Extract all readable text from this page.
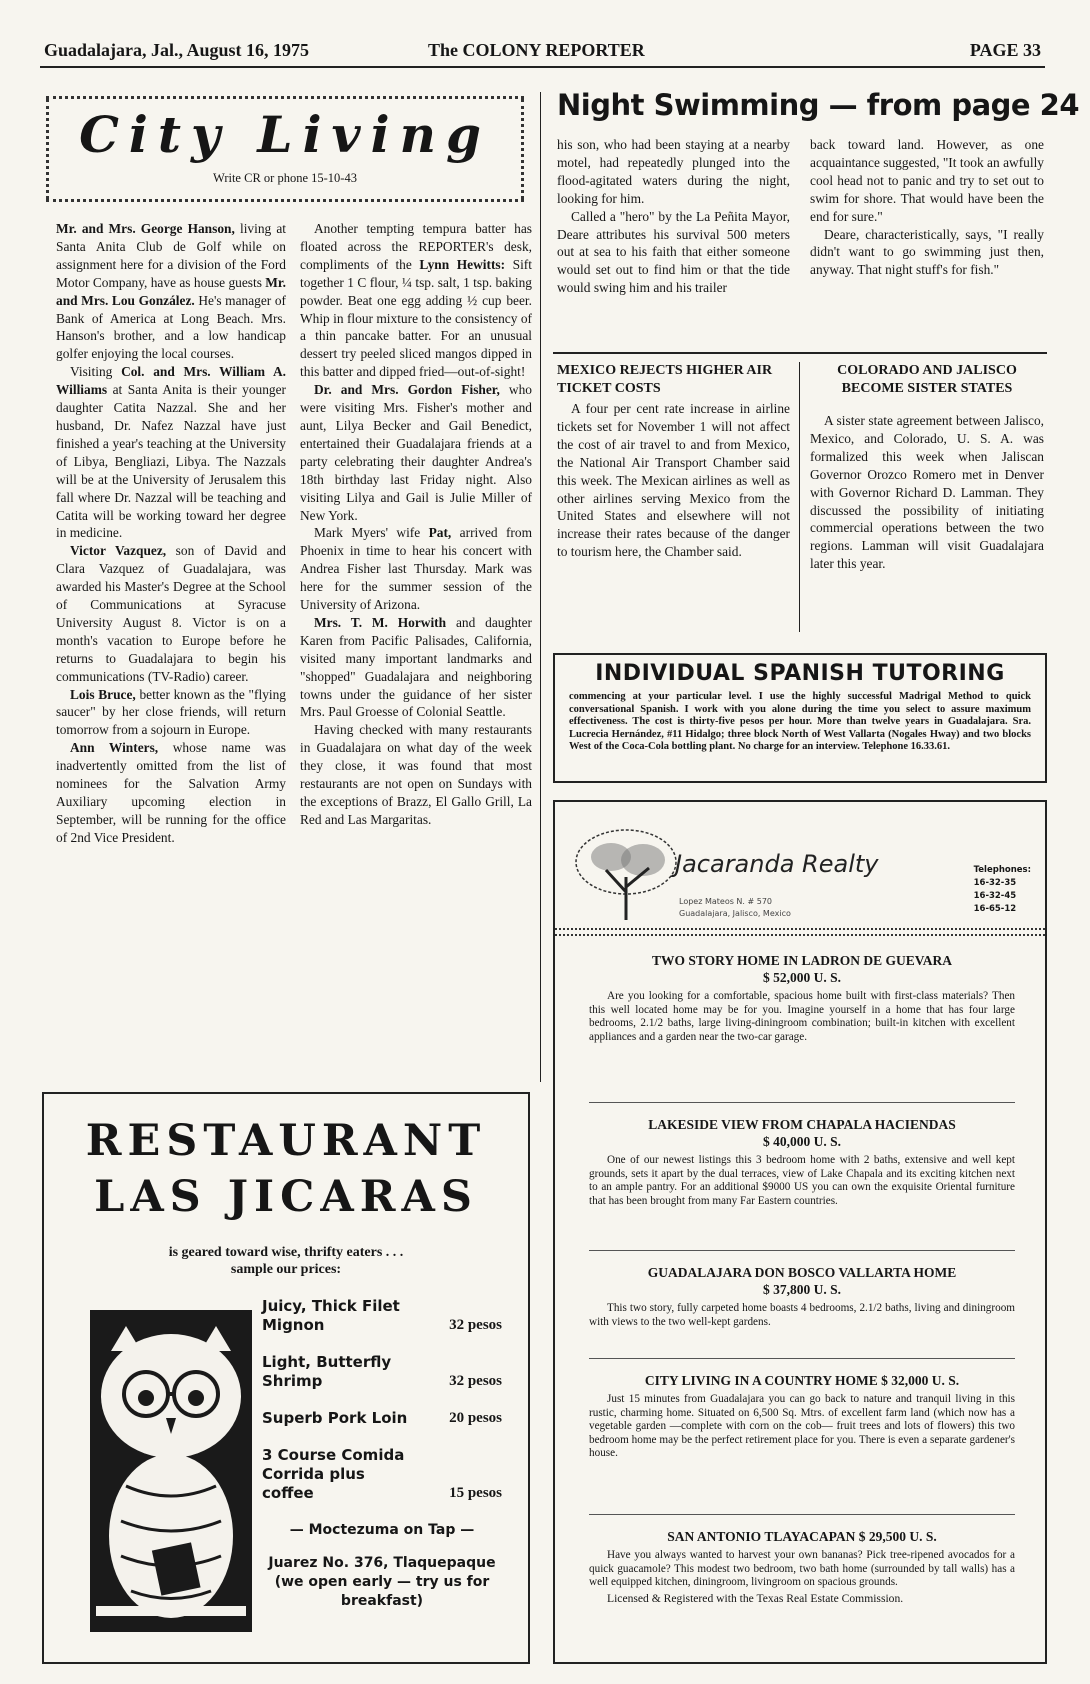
Guadalajara, Jal., August 16, 1975	The COLONY REPORTER	PAGE 33
City Living
Write CR or phone 15-10-43

Mr. and Mrs. George Hanson, living at Santa Anita Club de Golf while on assignment here for a division of the Ford Motor Company, have as house guests Mr. and Mrs. Lou González. He's manager of Bank of America at Long Beach. Mrs. Hanson's brother, and a low handicap golfer enjoying the local courses.

Visiting Col. and Mrs. William A. Williams at Santa Anita is their younger daughter Catita Nazzal. She and her husband, Dr. Nafez Nazzal have just finished a year's teaching at the University of Libya, Bengliazi, Libya. The Nazzals will be at the University of Jerusalem this fall where Dr. Nazzal will be teaching and Catita will be working toward her degree in medicine.

Victor Vazquez, son of David and Clara Vazquez of Guadalajara, was awarded his Master's Degree at the School of Communications at Syracuse University August 8. Victor is on a month's vacation to Europe before he returns to Guadalajara to begin his communications (TV-Radio) career.

Lois Bruce, better known as the "flying saucer" by her close friends, will return tomorrow from a sojourn in Europe.

Ann Winters, whose name was inadvertently omitted from the list of nominees for the Salvation Army Auxiliary upcoming election in September, will be running for the office of 2nd Vice President.

Another tempting tempura batter has floated across the REPORTER's desk, compliments of the Lynn Hewitts: Sift together 1 C flour, ¼ tsp. salt, 1 tsp. baking powder. Beat one egg adding ½ cup beer. Whip in flour mixture to the consistency of a thin pancake batter. For an unusual dessert try peeled sliced mangos dipped in this batter and dipped fried—out-of-sight!

Dr. and Mrs. Gordon Fisher, who were visiting Mrs. Fisher's mother and aunt, Lilya Becker and Gail Benedict, entertained their Guadalajara friends at a party celebrating their daughter Andrea's 18th birthday last Friday night. Also visiting Lilya and Gail is Julie Miller of New York.

Mark Myers' wife Pat, arrived from Phoenix in time to hear his concert with Andrea Fisher last Thursday. Mark was here for the summer session of the University of Arizona.

Mrs. T. M. Horwith and daughter Karen from Pacific Palisades, California, visited many important landmarks and "shopped" Guadalajara and neighboring towns under the guidance of her sister Mrs. Paul Groesse of Colonial Seattle.

Having checked with many restaurants in Guadalajara on what day of the week they close, it was found that most restaurants are not open on Sundays with the exceptions of Brazz, El Gallo Grill, La Red and Las Margaritas.

Night Swimming — from page 24

his son, who had been staying at a nearby motel, had repeatedly plunged into the flood-agitated waters during the night, looking for him.

Called a "hero" by the La Peñita Mayor, Deare attributes his survival 500 meters out at sea to his faith that either someone would set out to find him or that the tide would swing him and his trailer

back toward land. However, as one acquaintance suggested, "It took an awfully cool head not to panic and try to set out to swim for shore. That would have been the end for sure."

Deare, characteristically, says, "I really didn't want to go swimming just then, anyway. That night stuff's for fish."

MEXICO REJECTS HIGHER AIR TICKET COSTS

A four per cent rate increase in airline tickets set for November 1 will not affect the cost of air travel to and from Mexico, the National Air Transport Chamber said this week. The Mexican airlines as well as other airlines serving Mexico from the United States and elsewhere will not increase their rates because of the danger to tourism here, the Chamber said.

COLORADO AND JALISCO BECOME SISTER STATES

A sister state agreement between Jalisco, Mexico, and Colorado, U. S. A. was formalized this week when Jaliscan Governor Orozco Romero met in Denver with Governor Richard D. Lamman. They discussed the possibility of initiating commercial operations between the two regions. Lamman will visit Guadalajara later this year.

INDIVIDUAL SPANISH TUTORING
commencing at your particular level. I use the highly successful Madrigal Method to quick conversational Spanish. I work with you alone during the time you select to assure maximum effectiveness. The cost is thirty-five pesos per hour. More than twelve years in Guadalajara. Sra. Lucrecia Hernández, #11 Hidalgo; three block North of West Vallarta (Nogales Hway) and two blocks West of the Coca-Cola bottling plant. No charge for an interview. Telephone 16.33.61.
RESTAURANT
LAS JICARAS
is geared toward wise, thrifty eaters . . .
sample our prices:
Juicy, Thick Filet Mignon	32 pesos
Light, Butterfly Shrimp	32 pesos
Superb Pork Loin	20 pesos
3 Course Comida Corrida plus coffee	15 pesos
— Moctezuma on Tap —
Juarez No. 376, Tlaquepaque
(we open early — try us for breakfast)
Jacaranda Realty
Lopez Mateos N. # 570
Guadalajara, Jalisco, Mexico
Telephones:
16-32-35
16-32-45
16-65-12
TWO STORY HOME IN LADRON DE GUEVARA
$ 52,000 U. S.
Are you looking for a comfortable, spacious home built with first-class materials? Then this well located home may be for you. Imagine yourself in a home that has four large bedrooms, 2.1/2 baths, large living-diningroom combination; built-in kitchen with excellent appliances and a garden near the two-car garage.
LAKESIDE VIEW FROM CHAPALA HACIENDAS
$ 40,000 U. S.
One of our newest listings this 3 bedroom home with 2 baths, extensive and well kept grounds, sets it apart by the dual terraces, view of Lake Chapala and its exciting kitchen next to an ample pantry. For an additional $9000 US you can own the exquisite Oriental furniture that has been brought from many Far Eastern countries.
GUADALAJARA DON BOSCO VALLARTA HOME
$ 37,800 U. S.
This two story, fully carpeted home boasts 4 bedrooms, 2.1/2 baths, living and diningroom with views to the two well-kept gardens.
CITY LIVING IN A COUNTRY HOME $ 32,000 U. S.
Just 15 minutes from Guadalajara you can go back to nature and tranquil living in this rustic, charming home. Situated on 6,500 Sq. Mtrs. of excellent farm land (which now has a vegetable garden —complete with corn on the cob— fruit trees and lots of flowers) this two bedroom home may be the perfect retirement place for you. There is even a separate gardener's house.
SAN ANTONIO TLAYACAPAN $ 29,500 U. S.
Have you always wanted to harvest your own bananas? Pick tree-ripened avocados for a quick guacamole? This modest two bedroom, two bath home (surrounded by tall walls) has a well equipped kitchen, diningroom, livingroom on spacious grounds.
Licensed & Registered with the Texas Real Estate Commission.
